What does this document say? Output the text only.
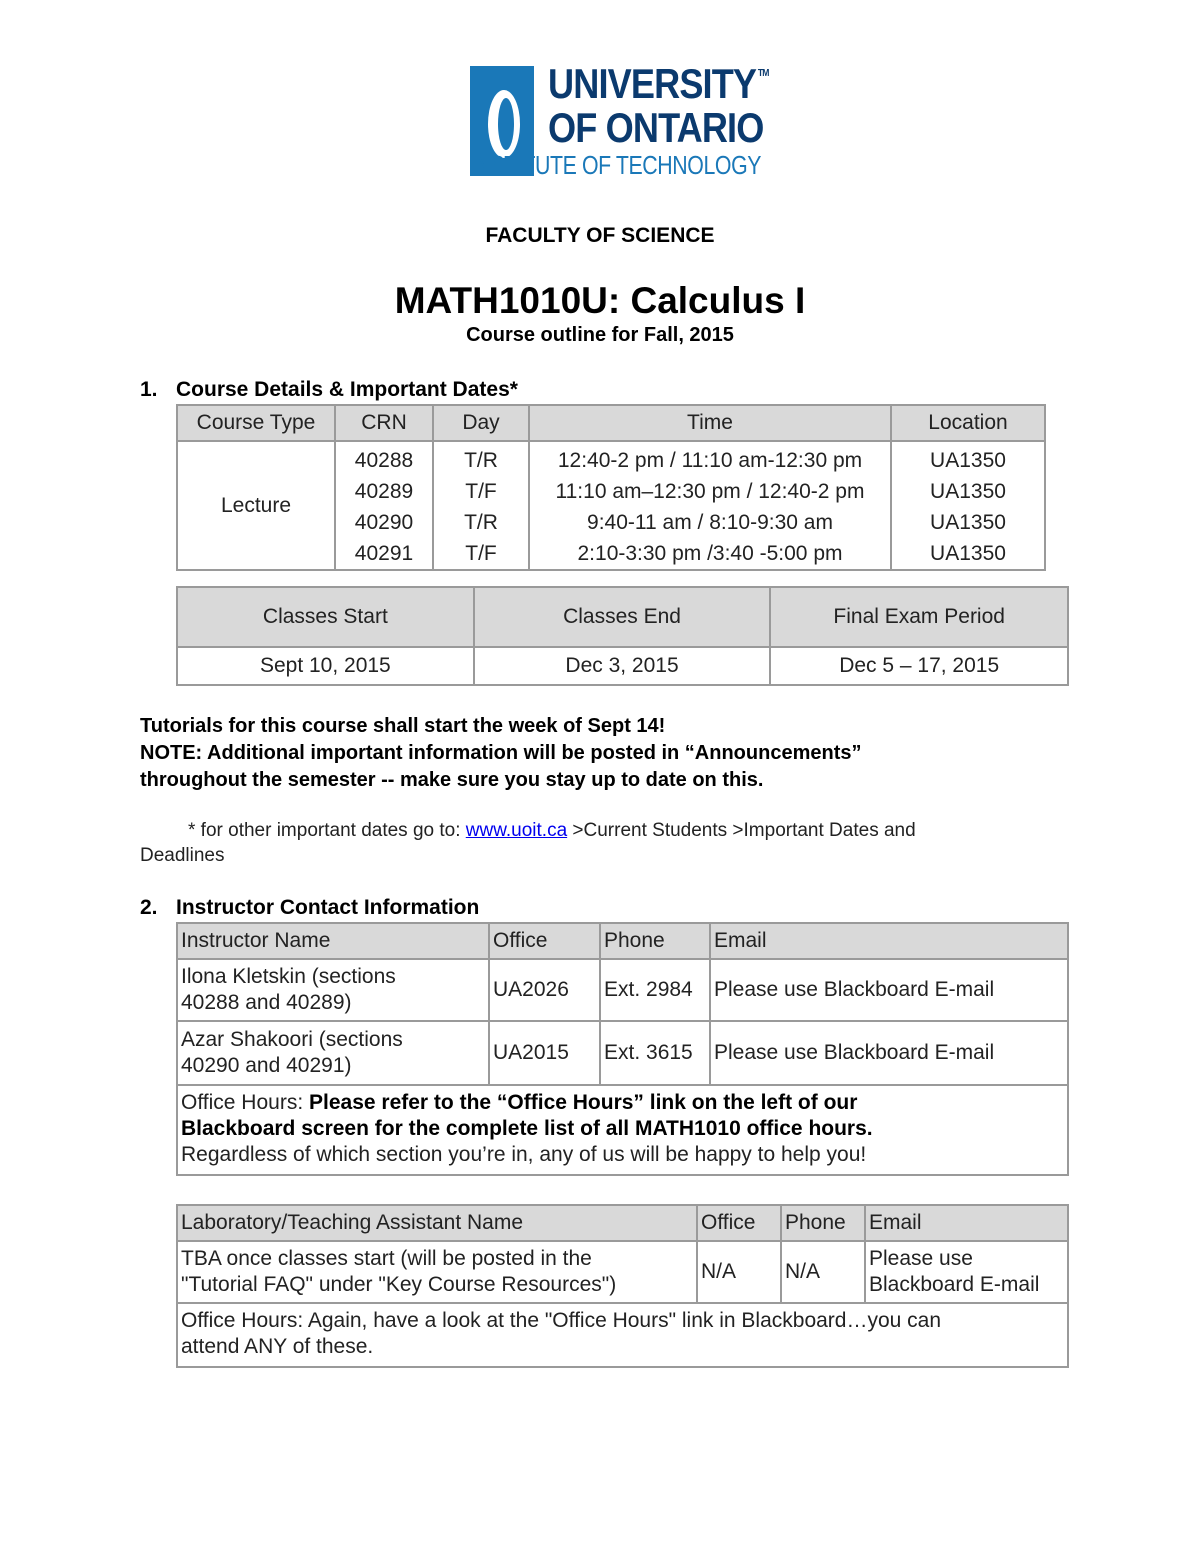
UNIVERSITY ™
OF ONTARIO
INSTITUTE OF TECHNOLOGY
FACULTY OF SCIENCE
MATH1010U: Calculus I
Course outline for Fall, 2015
1. Course Details & Important Dates*
Course Type	CRN	Day	Time	Location
Lecture	40288	T/R	12:40-2 pm / 11:10 am-12:30 pm	UA1350
	40289	T/F	11:10 am–12:30 pm / 12:40-2 pm	UA1350
	40290	T/R	9:40-11 am / 8:10-9:30 am	UA1350
	40291	T/F	2:10-3:30 pm /3:40 -5:00 pm	UA1350
Classes Start	Classes End	Final Exam Period
Sept 10, 2015	Dec 3, 2015	Dec 5 – 17, 2015
Tutorials for this course shall start the week of Sept 14!
NOTE: Additional important information will be posted in “Announcements”
throughout the semester -- make sure you stay up to date on this.
* for other important dates go to: www.uoit.ca >Current Students >Important Dates and
Deadlines
2. Instructor Contact Information
Instructor Name	Office	Phone	Email
Ilona Kletskin (sections
40288 and 40289)	UA2026	Ext. 2984	Please use Blackboard E-mail
Azar Shakoori (sections
40290 and 40291)	UA2015	Ext. 3615	Please use Blackboard E-mail
Office Hours: Please refer to the “Office Hours” link on the left of our
Blackboard screen for the complete list of all MATH1010 office hours.
Regardless of which section you’re in, any of us will be happy to help you!			
Laboratory/Teaching Assistant Name	Office	Phone	Email
TBA once classes start (will be posted in the
"Tutorial FAQ" under "Key Course Resources")	N/A	N/A	Please use
Blackboard E-mail
Office Hours: Again, have a look at the "Office Hours" link in Blackboard…you can
attend ANY of these.			
